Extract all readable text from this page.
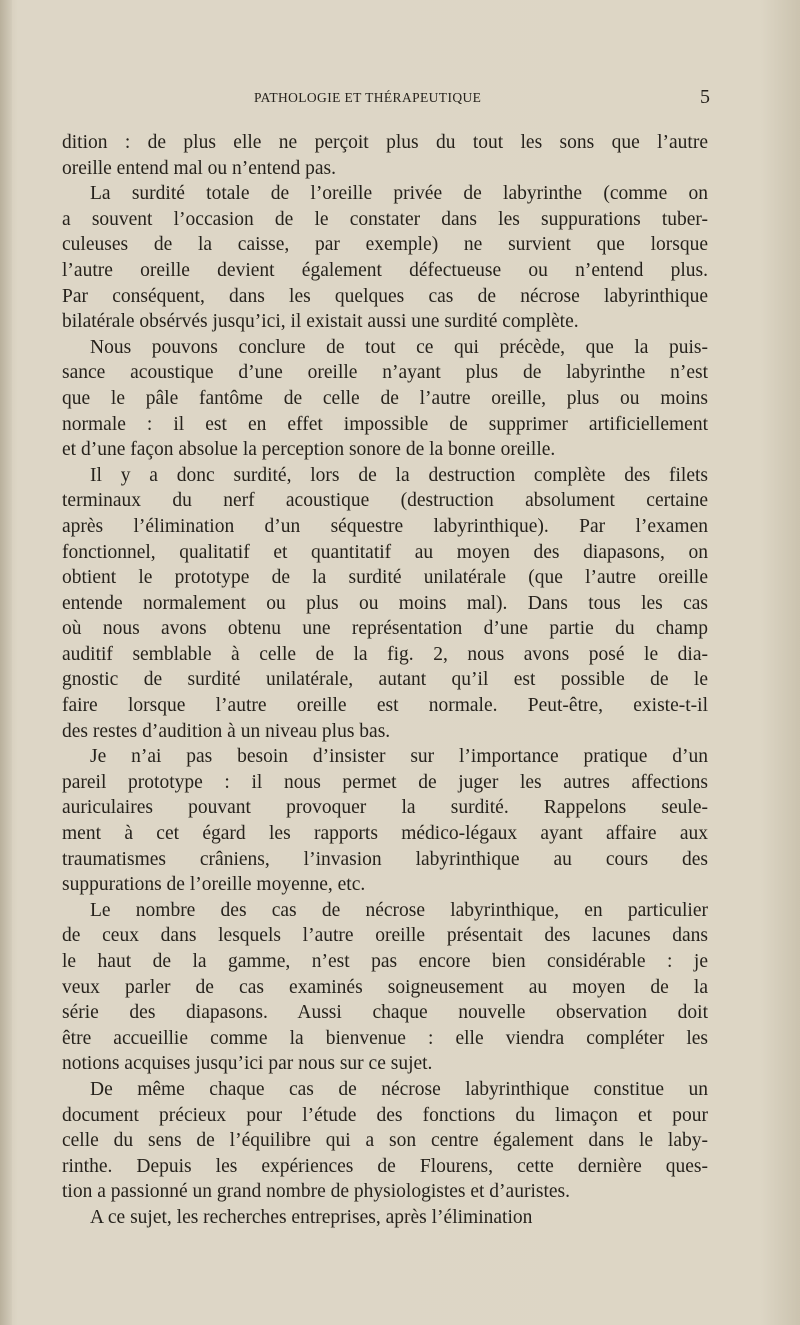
PATHOLOGIE ET THÉRAPEUTIQUE	5
dition : de plus elle ne perçoit plus du tout les sons que l’autre
oreille entend mal ou n’entend pas.
La surdité totale de l’oreille privée de labyrinthe (comme on
a souvent l’occasion de le constater dans les suppurations tuber-
culeuses de la caisse, par exemple) ne survient que lorsque
l’autre oreille devient également défectueuse ou n’entend plus.
Par conséquent, dans les quelques cas de nécrose labyrinthique
bilatérale obsérvés jusqu’ici, il existait aussi une surdité complète.
Nous pouvons conclure de tout ce qui précède, que la puis-
sance acoustique d’une oreille n’ayant plus de labyrinthe n’est
que le pâle fantôme de celle de l’autre oreille, plus ou moins
normale : il est en effet impossible de supprimer artificiellement
et d’une façon absolue la perception sonore de la bonne oreille.
Il y a donc surdité, lors de la destruction complète des filets
terminaux du nerf acoustique (destruction absolument certaine
après l’élimination d’un séquestre labyrinthique). Par l’examen
fonctionnel, qualitatif et quantitatif au moyen des diapasons, on
obtient le prototype de la surdité unilatérale (que l’autre oreille
entende normalement ou plus ou moins mal). Dans tous les cas
où nous avons obtenu une représentation d’une partie du champ
auditif semblable à celle de la fig. 2, nous avons posé le dia-
gnostic de surdité unilatérale, autant qu’il est possible de le
faire lorsque l’autre oreille est normale. Peut-être, existe-t-il
des restes d’audition à un niveau plus bas.
Je n’ai pas besoin d’insister sur l’importance pratique d’un
pareil prototype : il nous permet de juger les autres affections
auriculaires pouvant provoquer la surdité. Rappelons seule-
ment à cet égard les rapports médico-légaux ayant affaire aux
traumatismes crâniens, l’invasion labyrinthique au cours des
suppurations de l’oreille moyenne, etc.
Le nombre des cas de nécrose labyrinthique, en particulier
de ceux dans lesquels l’autre oreille présentait des lacunes dans
le haut de la gamme, n’est pas encore bien considérable : je
veux parler de cas examinés soigneusement au moyen de la
série des diapasons. Aussi chaque nouvelle observation doit
être accueillie comme la bienvenue : elle viendra compléter les
notions acquises jusqu’ici par nous sur ce sujet.
De même chaque cas de nécrose labyrinthique constitue un
document précieux pour l’étude des fonctions du limaçon et pour
celle du sens de l’équilibre qui a son centre également dans le laby-
rinthe. Depuis les expériences de Flourens, cette dernière ques-
tion a passionné un grand nombre de physiologistes et d’auristes.
A ce sujet, les recherches entreprises, après l’élimination
